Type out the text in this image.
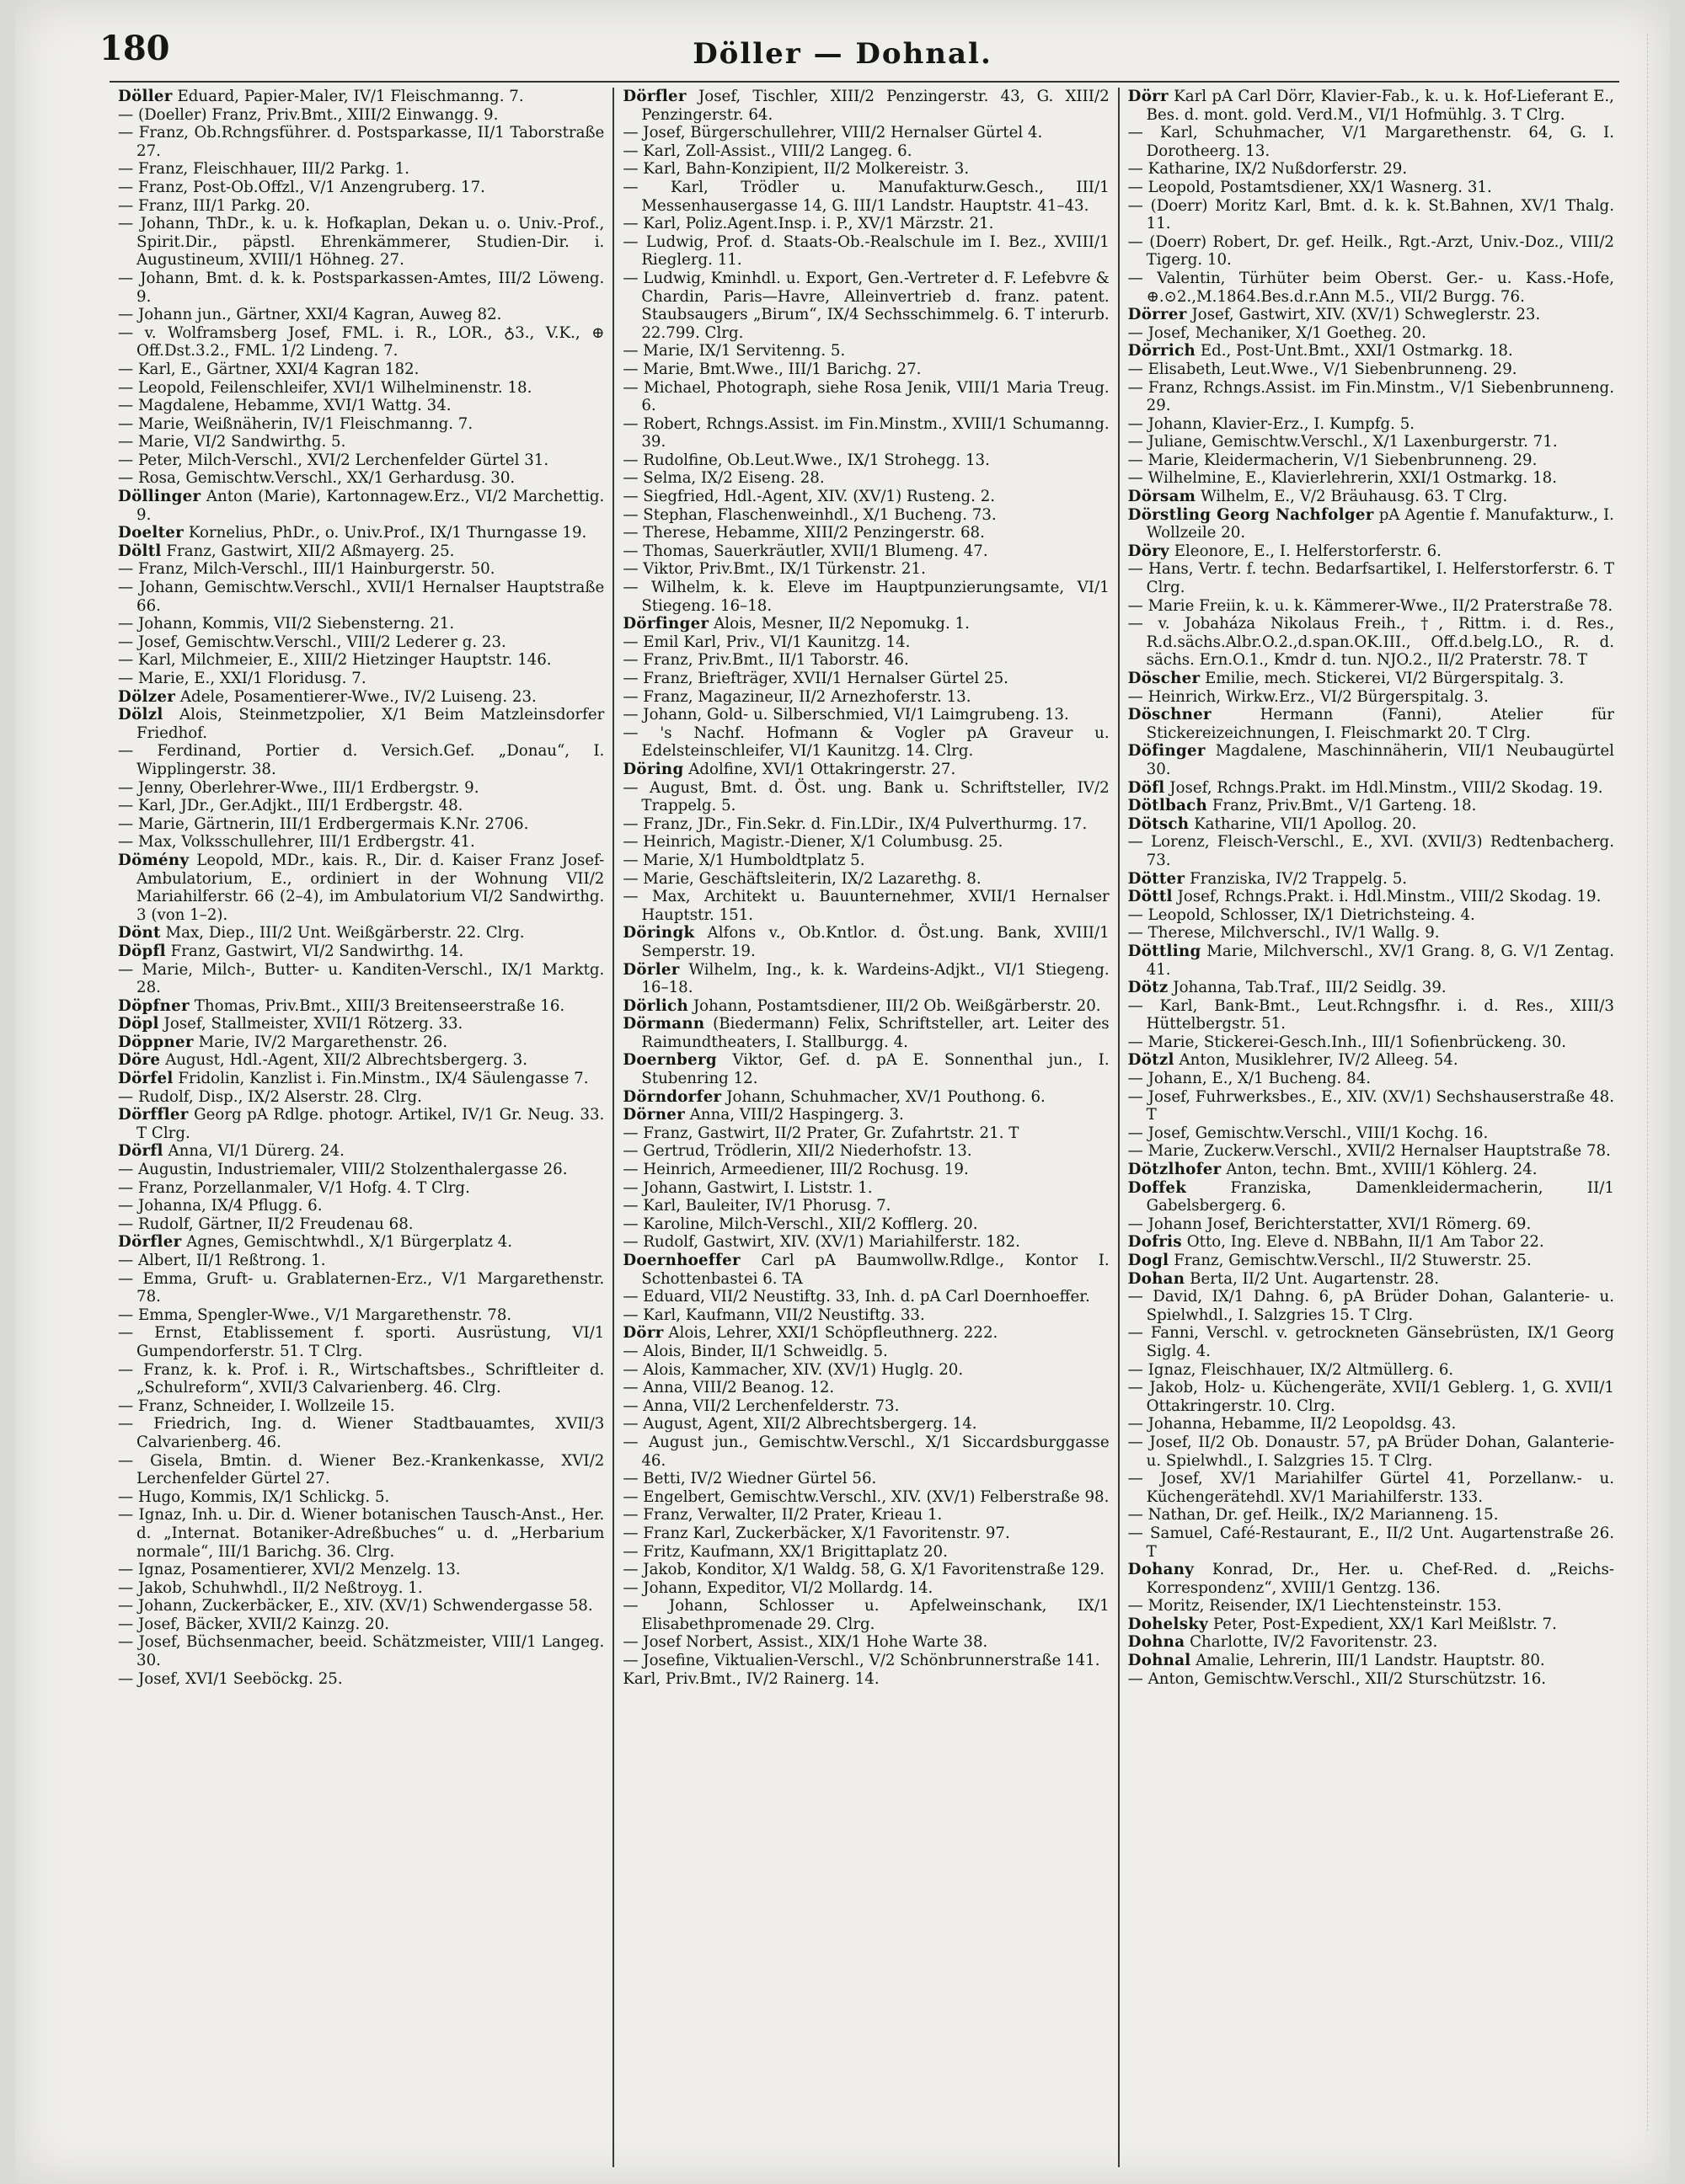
180	Döller — Dohnal.

Döller Eduard, Papier-Maler, IV/1 Fleischmanng. 7.

— (Doeller) Franz, Priv.Bmt., XIII/2 Einwangg. 9.

— Franz, Ob.Rchngsführer. d. Postsparkasse, II/1 Taborstraße 27.

— Franz, Fleischhauer, III/2 Parkg. 1.

— Franz, Post-Ob.Offzl., V/1 Anzengruberg. 17.

— Franz, III/1 Parkg. 20.

— Johann, ThDr., k. u. k. Hofkaplan, Dekan u. o. Univ.-Prof., Spirit.Dir., päpstl. Ehrenkämmerer, Studien-Dir. i. Augustineum, XVIII/1 Höhneg. 27.

— Johann, Bmt. d. k. k. Postsparkassen-Amtes, III/2 Löweng. 9.

— Johann jun., Gärtner, XXI/4 Kagran, Auweg 82.

— v. Wolframsberg Josef, FML. i. R., LOR., ♁3., V.K., ⊕ Off.Dst.3.2., FML. 1/2 Lindeng. 7.

— Karl, E., Gärtner, XXI/4 Kagran 182.

— Leopold, Feilenschleifer, XVI/1 Wilhelminenstr. 18.

— Magdalene, Hebamme, XVI/1 Wattg. 34.

— Marie, Weißnäherin, IV/1 Fleischmanng. 7.

— Marie, VI/2 Sandwirthg. 5.

— Peter, Milch-Verschl., XVI/2 Lerchenfelder Gürtel 31.

— Rosa, Gemischtw.Verschl., XX/1 Gerhardusg. 30.

Döllinger Anton (Marie), Kartonnagew.Erz., VI/2 Marchettig. 9.

Doelter Kornelius, PhDr., o. Univ.Prof., IX/1 Thurngasse 19.

Döltl Franz, Gastwirt, XII/2 Aßmayerg. 25.

— Franz, Milch-Verschl., III/1 Hainburgerstr. 50.

— Johann, Gemischtw.Verschl., XVII/1 Hernalser Hauptstraße 66.

— Johann, Kommis, VII/2 Siebensterng. 21.

— Josef, Gemischtw.Verschl., VIII/2 Lederer g. 23.

— Karl, Milchmeier, E., XIII/2 Hietzinger Hauptstr. 146.

— Marie, E., XXI/1 Floridusg. 7.

Dölzer Adele, Posamentierer-Wwe., IV/2 Luiseng. 23.

Dölzl Alois, Steinmetzpolier, X/1 Beim Matzleinsdorfer Friedhof.

— Ferdinand, Portier d. Versich.Gef. „Donau“, I. Wipplingerstr. 38.

— Jenny, Oberlehrer-Wwe., III/1 Erdbergstr. 9.

— Karl, JDr., Ger.Adjkt., III/1 Erdbergstr. 48.

— Marie, Gärtnerin, III/1 Erdbergermais K.Nr. 2706.

— Max, Volksschullehrer, III/1 Erdbergstr. 41.

Dömény Leopold, MDr., kais. R., Dir. d. Kaiser Franz Josef-Ambulatorium, E., ordiniert in der Wohnung VII/2 Mariahilferstr. 66 (2–4), im Ambulatorium VI/2 Sandwirthg. 3 (von 1–2).

Dönt Max, Diep., III/2 Unt. Weißgärberstr. 22. Clrg.

Döpfl Franz, Gastwirt, VI/2 Sandwirthg. 14.

— Marie, Milch-, Butter- u. Kanditen-Verschl., IX/1 Marktg. 28.

Döpfner Thomas, Priv.Bmt., XIII/3 Breitenseerstraße 16.

Döpl Josef, Stallmeister, XVII/1 Rötzerg. 33.

Döppner Marie, IV/2 Margarethenstr. 26.

Döre August, Hdl.-Agent, XII/2 Albrechtsbergerg. 3.

Dörfel Fridolin, Kanzlist i. Fin.Minstm., IX/4 Säulengasse 7.

— Rudolf, Disp., IX/2 Alserstr. 28. Clrg.

Dörffler Georg pA Rdlge. photogr. Artikel, IV/1 Gr. Neug. 33. T Clrg.

Dörfl Anna, VI/1 Dürerg. 24.

— Augustin, Industriemaler, VIII/2 Stolzenthalergasse 26.

— Franz, Porzellanmaler, V/1 Hofg. 4. T Clrg.

— Johanna, IX/4 Pflugg. 6.

— Rudolf, Gärtner, II/2 Freudenau 68.

Dörfler Agnes, Gemischtwhdl., X/1 Bürgerplatz 4.

— Albert, II/1 Reßtrong. 1.

— Emma, Gruft- u. Grablaternen-Erz., V/1 Margarethenstr. 78.

— Emma, Spengler-Wwe., V/1 Margarethenstr. 78.

— Ernst, Etablissement f. sporti. Ausrüstung, VI/1 Gumpendorferstr. 51. T Clrg.

— Franz, k. k. Prof. i. R., Wirtschaftsbes., Schriftleiter d. „Schulreform“, XVII/3 Calvarienberg. 46. Clrg.

— Franz, Schneider, I. Wollzeile 15.

— Friedrich, Ing. d. Wiener Stadtbauamtes, XVII/3 Calvarienberg. 46.

— Gisela, Bmtin. d. Wiener Bez.-Krankenkasse, XVI/2 Lerchenfelder Gürtel 27.

— Hugo, Kommis, IX/1 Schlickg. 5.

— Ignaz, Inh. u. Dir. d. Wiener botanischen Tausch-Anst., Her. d. „Internat. Botaniker-Adreßbuches“ u. d. „Herbarium normale“, III/1 Barichg. 36. Clrg.

— Ignaz, Posamentierer, XVI/2 Menzelg. 13.

— Jakob, Schuhwhdl., II/2 Neßtroyg. 1.

— Johann, Zuckerbäcker, E., XIV. (XV/1) Schwendergasse 58.

— Josef, Bäcker, XVII/2 Kainzg. 20.

— Josef, Büchsenmacher, beeid. Schätzmeister, VIII/1 Langeg. 30.

— Josef, XVI/1 Seeböckg. 25.

Dörfler Josef, Tischler, XIII/2 Penzingerstr. 43, G. XIII/2 Penzingerstr. 64.

— Josef, Bürgerschullehrer, VIII/2 Hernalser Gürtel 4.

— Karl, Zoll-Assist., VIII/2 Langeg. 6.

— Karl, Bahn-Konzipient, II/2 Molkereistr. 3.

— Karl, Trödler u. Manufakturw.Gesch., III/1 Messenhausergasse 14, G. III/1 Landstr. Hauptstr. 41–43.

— Karl, Poliz.Agent.Insp. i. P., XV/1 Märzstr. 21.

— Ludwig, Prof. d. Staats-Ob.-Realschule im I. Bez., XVIII/1 Rieglerg. 11.

— Ludwig, Kminhdl. u. Export, Gen.-Vertreter d. F. Lefebvre & Chardin, Paris—Havre, Alleinvertrieb d. franz. patent. Staubsaugers „Birum“, IX/4 Sechsschimmelg. 6. T interurb. 22.799. Clrg.

— Marie, IX/1 Servitenng. 5.

— Marie, Bmt.Wwe., III/1 Barichg. 27.

— Michael, Photograph, siehe Rosa Jenik, VIII/1 Maria Treug. 6.

— Robert, Rchngs.Assist. im Fin.Minstm., XVIII/1 Schumanng. 39.

— Rudolfine, Ob.Leut.Wwe., IX/1 Strohegg. 13.

— Selma, IX/2 Eiseng. 28.

— Siegfried, Hdl.-Agent, XIV. (XV/1) Rusteng. 2.

— Stephan, Flaschenweinhdl., X/1 Bucheng. 73.

— Therese, Hebamme, XIII/2 Penzingerstr. 68.

— Thomas, Sauerkräutler, XVII/1 Blumeng. 47.

— Viktor, Priv.Bmt., IX/1 Türkenstr. 21.

— Wilhelm, k. k. Eleve im Hauptpunzierungsamte, VI/1 Stiegeng. 16–18.

Dörfinger Alois, Mesner, II/2 Nepomukg. 1.

— Emil Karl, Priv., VI/1 Kaunitzg. 14.

— Franz, Priv.Bmt., II/1 Taborstr. 46.

— Franz, Briefträger, XVII/1 Hernalser Gürtel 25.

— Franz, Magazineur, II/2 Arnezhoferstr. 13.

— Johann, Gold- u. Silberschmied, VI/1 Laimgrubeng. 13.

— 's Nachf. Hofmann & Vogler pA Graveur u. Edelsteinschleifer, VI/1 Kaunitzg. 14. Clrg.

Döring Adolfine, XVI/1 Ottakringerstr. 27.

— August, Bmt. d. Öst. ung. Bank u. Schriftsteller, IV/2 Trappelg. 5.

— Franz, JDr., Fin.Sekr. d. Fin.LDir., IX/4 Pulverthurmg. 17.

— Heinrich, Magistr.-Diener, X/1 Columbusg. 25.

— Marie, X/1 Humboldtplatz 5.

— Marie, Geschäftsleiterin, IX/2 Lazarethg. 8.

— Max, Architekt u. Bauunternehmer, XVII/1 Hernalser Hauptstr. 151.

Döringk Alfons v., Ob.Kntlor. d. Öst.ung. Bank, XVIII/1 Semperstr. 19.

Dörler Wilhelm, Ing., k. k. Wardeins-Adjkt., VI/1 Stiegeng. 16–18.

Dörlich Johann, Postamtsdiener, III/2 Ob. Weißgärberstr. 20.

Dörmann (Biedermann) Felix, Schriftsteller, art. Leiter des Raimundtheaters, I. Stallburgg. 4.

Doernberg Viktor, Gef. d. pA E. Sonnenthal jun., I. Stubenring 12.

Dörndorfer Johann, Schuhmacher, XV/1 Pouthong. 6.

Dörner Anna, VIII/2 Haspingerg. 3.

— Franz, Gastwirt, II/2 Prater, Gr. Zufahrtstr. 21. T

— Gertrud, Trödlerin, XII/2 Niederhofstr. 13.

— Heinrich, Armeediener, III/2 Rochusg. 19.

— Johann, Gastwirt, I. Liststr. 1.

— Karl, Bauleiter, IV/1 Phorusg. 7.

— Karoline, Milch-Verschl., XII/2 Kofflerg. 20.

— Rudolf, Gastwirt, XIV. (XV/1) Mariahilferstr. 182.

Doernhoeffer Carl pA Baumwollw.Rdlge., Kontor I. Schottenbastei 6. TA

— Eduard, VII/2 Neustiftg. 33, Inh. d. pA Carl Doernhoeffer.

— Karl, Kaufmann, VII/2 Neustiftg. 33.

Dörr Alois, Lehrer, XXI/1 Schöpfleuthnerg. 222.

— Alois, Binder, II/1 Schweidlg. 5.

— Alois, Kammacher, XIV. (XV/1) Huglg. 20.

— Anna, VIII/2 Beanog. 12.

— Anna, VII/2 Lerchenfelderstr. 73.

— August, Agent, XII/2 Albrechtsbergerg. 14.

— August jun., Gemischtw.Verschl., X/1 Siccardsburggasse 46.

— Betti, IV/2 Wiedner Gürtel 56.

— Engelbert, Gemischtw.Verschl., XIV. (XV/1) Felberstraße 98.

— Franz, Verwalter, II/2 Prater, Krieau 1.

— Franz Karl, Zuckerbäcker, X/1 Favoritenstr. 97.

— Fritz, Kaufmann, XX/1 Brigittaplatz 20.

— Jakob, Konditor, X/1 Waldg. 58, G. X/1 Favoritenstraße 129.

— Johann, Expeditor, VI/2 Mollardg. 14.

— Johann, Schlosser u. Apfelweinschank, IX/1 Elisabethpromenade 29. Clrg.

— Josef Norbert, Assist., XIX/1 Hohe Warte 38.

— Josefine, Viktualien-Verschl., V/2 Schönbrunnerstraße 141.

Karl, Priv.Bmt., IV/2 Rainerg. 14.

Dörr Karl pA Carl Dörr, Klavier-Fab., k. u. k. Hof-Lieferant E., Bes. d. mont. gold. Verd.M., VI/1 Hofmühlg. 3. T Clrg.

— Karl, Schuhmacher, V/1 Margarethenstr. 64, G. I. Dorotheerg. 13.

— Katharine, IX/2 Nußdorferstr. 29.

— Leopold, Postamtsdiener, XX/1 Wasnerg. 31.

— (Doerr) Moritz Karl, Bmt. d. k. k. St.Bahnen, XV/1 Thalg. 11.

— (Doerr) Robert, Dr. gef. Heilk., Rgt.-Arzt, Univ.-Doz., VIII/2 Tigerg. 10.

— Valentin, Türhüter beim Oberst. Ger.- u. Kass.-Hofe, ⊕.⊙2.,M.1864.Bes.d.r.Ann M.5., VII/2 Burgg. 76.

Dörrer Josef, Gastwirt, XIV. (XV/1) Schweglerstr. 23.

— Josef, Mechaniker, X/1 Goetheg. 20.

Dörrich Ed., Post-Unt.Bmt., XXI/1 Ostmarkg. 18.

— Elisabeth, Leut.Wwe., V/1 Siebenbrunneng. 29.

— Franz, Rchngs.Assist. im Fin.Minstm., V/1 Siebenbrunneng. 29.

— Johann, Klavier-Erz., I. Kumpfg. 5.

— Juliane, Gemischtw.Verschl., X/1 Laxenburgerstr. 71.

— Marie, Kleidermacherin, V/1 Siebenbrunneng. 29.

— Wilhelmine, E., Klavierlehrerin, XXI/1 Ostmarkg. 18.

Dörsam Wilhelm, E., V/2 Bräuhausg. 63. T Clrg.

Dörstling Georg Nachfolger pA Agentie f. Manufakturw., I. Wollzeile 20.

Döry Eleonore, E., I. Helferstorferstr. 6.

— Hans, Vertr. f. techn. Bedarfsartikel, I. Helferstorferstr. 6. T Clrg.

— Marie Freiin, k. u. k. Kämmerer-Wwe., II/2 Praterstraße 78.

— v. Jobaháza Nikolaus Freih., †, Rittm. i. d. Res., R.d.sächs.Albr.O.2.,d.span.OK.III., Off.d.belg.LO., R. d. sächs. Ern.O.1., Kmdr d. tun. NJO.2., II/2 Praterstr. 78. T

Döscher Emilie, mech. Stickerei, VI/2 Bürgerspitalg. 3.

— Heinrich, Wirkw.Erz., VI/2 Bürgerspitalg. 3.

Döschner	Hermann (Fanni), Atelier für Stickereizeichnungen, I. Fleischmarkt 20. T Clrg.

Döfinger Magdalene, Maschinnäherin, VII/1 Neubaugürtel 30.

Döfl Josef, Rchngs.Prakt. im Hdl.Minstm., VIII/2 Skodag. 19.

Dötlbach Franz, Priv.Bmt., V/1 Garteng. 18.

Dötsch Katharine, VII/1 Apollog. 20.

— Lorenz, Fleisch-Verschl., E., XVI. (XVII/3) Redtenbacherg. 73.

Dötter Franziska, IV/2 Trappelg. 5.

Döttl Josef, Rchngs.Prakt. i. Hdl.Minstm., VIII/2 Skodag. 19.

— Leopold, Schlosser, IX/1 Dietrichsteing. 4.

— Therese, Milchverschl., IV/1 Wallg. 9.

Döttling Marie, Milchverschl., XV/1 Grang. 8, G. V/1 Zentag. 41.

Dötz Johanna, Tab.Traf., III/2 Seidlg. 39.

— Karl, Bank-Bmt., Leut.Rchngsfhr. i. d. Res., XIII/3 Hüttelbergstr. 51.

— Marie, Stickerei-Gesch.Inh., III/1 Sofienbrückeng. 30.

Dötzl Anton, Musiklehrer, IV/2 Alleeg. 54.

— Johann, E., X/1 Bucheng. 84.

— Josef, Fuhrwerksbes., E., XIV. (XV/1) Sechshauserstraße 48. T

— Josef, Gemischtw.Verschl., VIII/1 Kochg. 16.

— Marie, Zuckerw.Verschl., XVII/2 Hernalser Hauptstraße 78.

Dötzlhofer Anton, techn. Bmt., XVIII/1 Köhlerg. 24.

Doffek	Franziska, Damenkleidermacherin, II/1 Gabelsbergerg. 6.

— Johann Josef, Berichterstatter, XVI/1 Römerg. 69.

Dofris Otto, Ing. Eleve d. NBBahn, II/1 Am Tabor 22.

Dogl Franz, Gemischtw.Verschl., II/2 Stuwerstr. 25.

Dohan Berta, II/2 Unt. Augartenstr. 28.

— David, IX/1 Dahng. 6, pA Brüder Dohan, Galanterie- u. Spielwhdl., I. Salzgries 15. T Clrg.

— Fanni, Verschl. v. getrockneten Gänsebrüsten, IX/1 Georg Siglg. 4.

— Ignaz, Fleischhauer, IX/2 Altmüllerg. 6.

— Jakob, Holz- u. Küchengeräte, XVII/1 Geblerg. 1, G. XVII/1 Ottakringerstr. 10. Clrg.

— Johanna, Hebamme, II/2 Leopoldsg. 43.

— Josef, II/2 Ob. Donaustr. 57, pA Brüder Dohan, Galanterie- u. Spielwhdl., I. Salzgries 15. T Clrg.

— Josef, XV/1 Mariahilfer Gürtel 41, Porzellanw.- u. Küchengerätehdl. XV/1 Mariahilferstr. 133.

— Nathan, Dr. gef. Heilk., IX/2 Marianneng. 15.

— Samuel, Café-Restaurant, E., II/2 Unt. Augartenstraße 26. T

Dohany Konrad, Dr., Her. u. Chef-Red. d. „Reichs-Korrespondenz“, XVIII/1 Gentzg. 136.

— Moritz, Reisender, IX/1 Liechtensteinstr. 153.

Dohelsky Peter, Post-Expedient, XX/1 Karl Meißlstr. 7.

Dohna Charlotte, IV/2 Favoritenstr. 23.

Dohnal Amalie, Lehrerin, III/1 Landstr. Hauptstr. 80.

— Anton, Gemischtw.Verschl., XII/2 Sturschützstr. 16.
